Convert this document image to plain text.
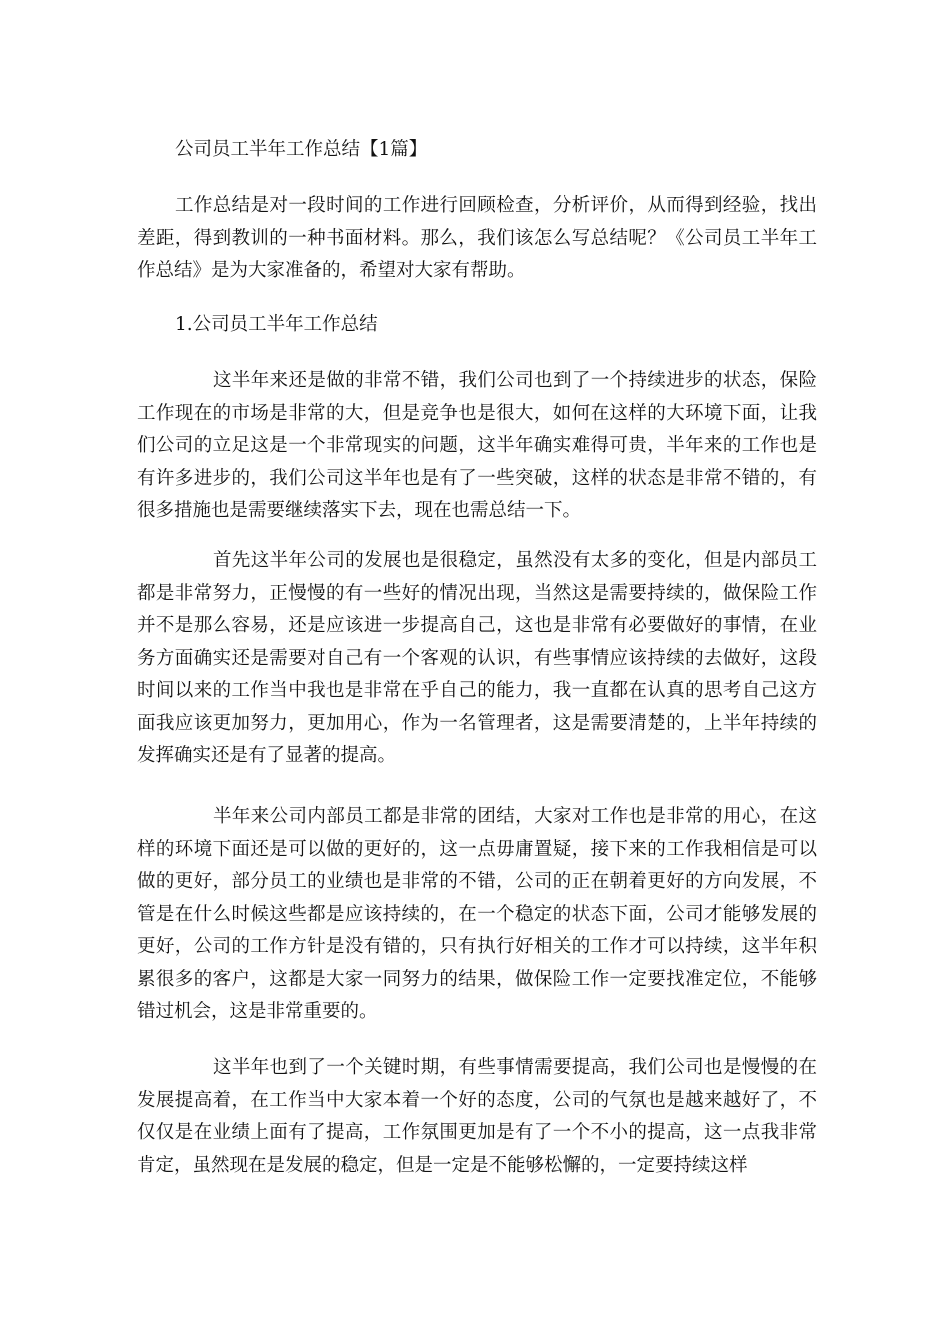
公司员工半年工作总结【1篇】
工作总结是对一段时间的工作进行回顾检查，分析评价，从而得到经验，找出差距，得到教训的一种书面材料。那么，我们该怎么写总结呢？《公司员工半年工作总结》是为大家准备的，希望对大家有帮助。
1.公司员工半年工作总结
这半年来还是做的非常不错，我们公司也到了一个持续进步的状态，保险工作现在的市场是非常的大，但是竞争也是很大，如何在这样的大环境下面，让我们公司的立足这是一个非常现实的问题，这半年确实难得可贵，半年来的工作也是有许多进步的，我们公司这半年也是有了一些突破，这样的状态是非常不错的，有很多措施也是需要继续落实下去，现在也需总结一下。
首先这半年公司的发展也是很稳定，虽然没有太多的变化，但是内部员工都是非常努力，正慢慢的有一些好的情况出现，当然这是需要持续的，做保险工作并不是那么容易，还是应该进一步提高自己，这也是非常有必要做好的事情，在业务方面确实还是需要对自己有一个客观的认识，有些事情应该持续的去做好，这段时间以来的工作当中我也是非常在乎自己的能力，我一直都在认真的思考自己这方面我应该更加努力，更加用心，作为一名管理者，这是需要清楚的，上半年持续的发挥确实还是有了显著的提高。
半年来公司内部员工都是非常的团结，大家对工作也是非常的用心，在这样的环境下面还是可以做的更好的，这一点毋庸置疑，接下来的工作我相信是可以做的更好，部分员工的业绩也是非常的不错，公司的正在朝着更好的方向发展，不管是在什么时候这些都是应该持续的，在一个稳定的状态下面，公司才能够发展的更好，公司的工作方针是没有错的，只有执行好相关的工作才可以持续，这半年积累很多的客户，这都是大家一同努力的结果，做保险工作一定要找准定位，不能够错过机会，这是非常重要的。
这半年也到了一个关键时期，有些事情需要提高，我们公司也是慢慢的在发展提高着，在工作当中大家本着一个好的态度，公司的气氛也是越来越好了，不仅仅是在业绩上面有了提高，工作氛围更加是有了一个不小的提高，这一点我非常肯定，虽然现在是发展的稳定，但是一定是不能够松懈的，一定要持续这样
